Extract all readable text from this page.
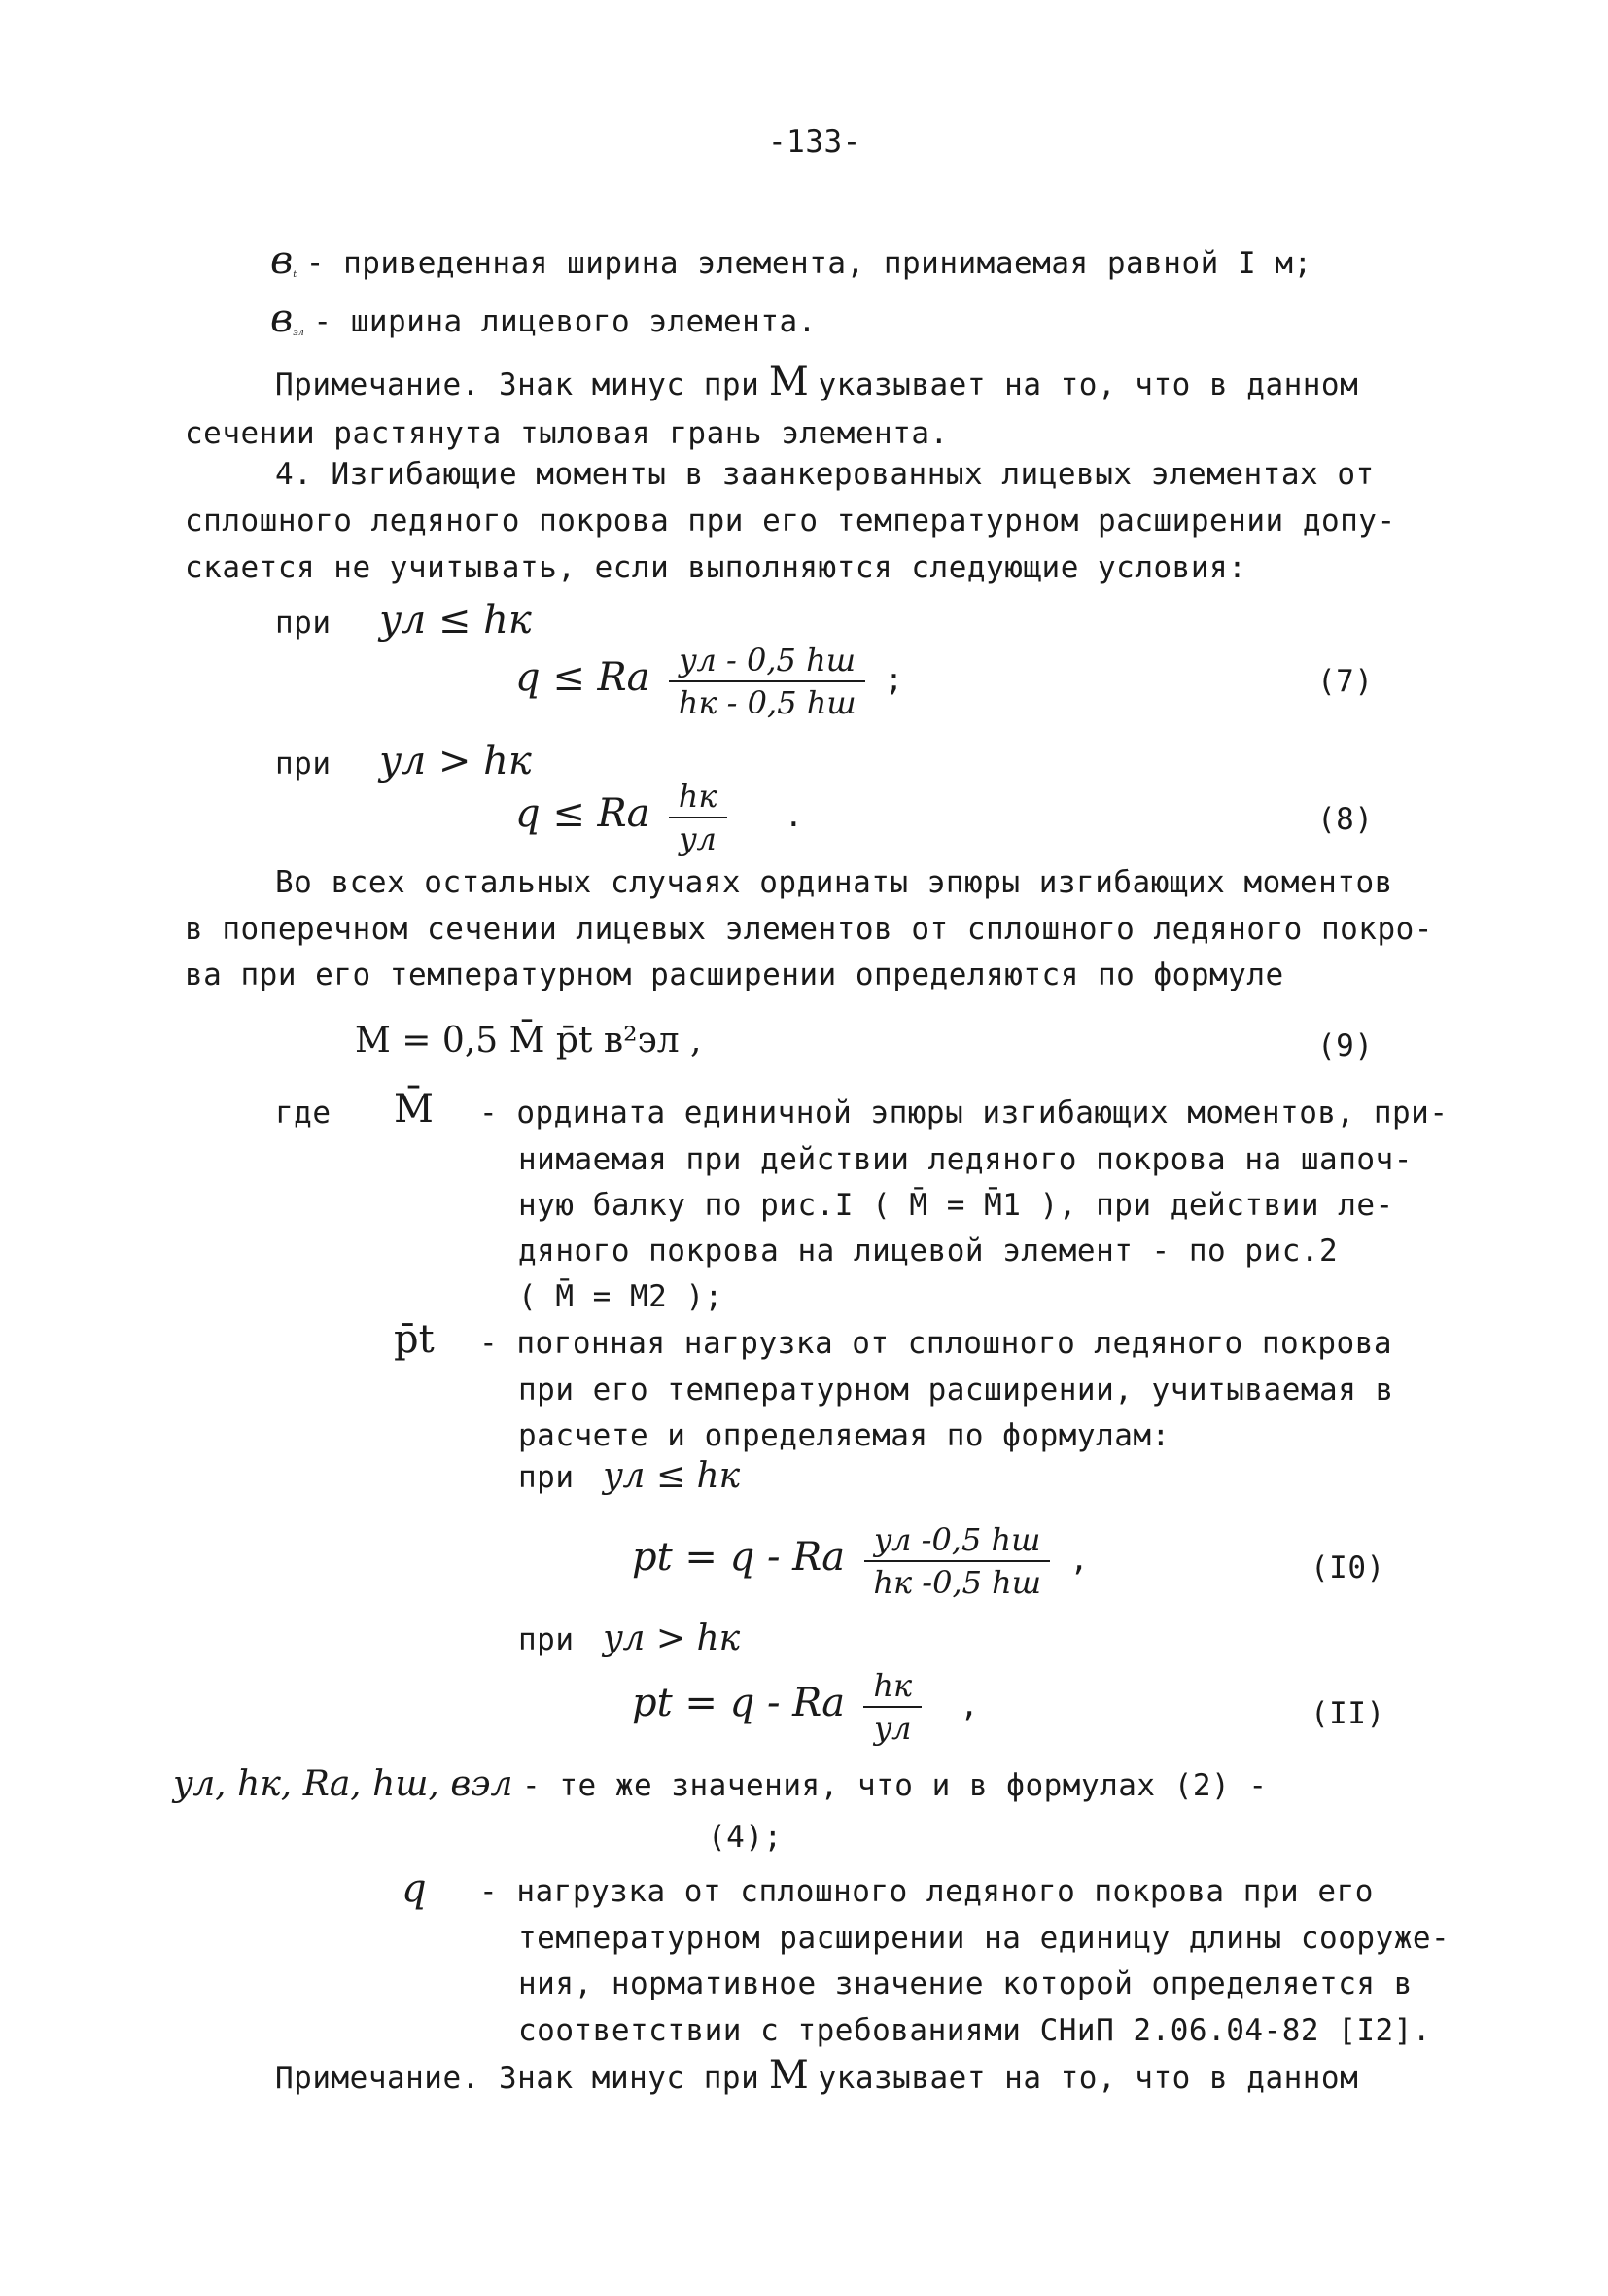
-133-
$в_t$ - приведенная ширина элемента, принимаемая равной I м;
$в_{эл}$ - ширина лицевого элемента.
Примечание. Знак минус при M указывает на то, что в данном
сечении растянута тыловая грань элемента.
4. Изгибающие моменты в заанкерованных лицевых элементах от
сплошного ледяного покрова при его температурном расширении допу-
скается не учитывать, если выполняются следующие условия:
при yл ≤ hк
q ≤ Rа $\frac{yл - 0,5 hш}{hк - 0,5 hш}$ ;	(7)
при yл > hк
q ≤ Rа $\frac{hк}{yл}$ .	(8)
Во всех остальных случаях ординаты эпюры изгибающих моментов
в поперечном сечении лицевых элементов от сплошного ледяного покро-
ва при его температурном расширении определяются по формуле
M = 0,5 M̄ p̄t в²эл ,	(9)
где M̄ - ордината единичной эпюры изгибающих моментов, при-
нимаемая при действии ледяного покрова на шапоч-
ную балку по рис.I ( M̄ = M̄1 ), при действии ле-
дяного покрова на лицевой элемент - по рис.2
( M̄ = M2 );
p̄t - погонная нагрузка от сплошного ледяного покрова
при его температурном расширении, учитываемая в
расчете и определяемая по формулам:
при yл ≤ hк
pt = q - Rа $\frac{yл -0,5 hш}{hк -0,5 hш}$ ,	(I0)
при yл > hк
pt = q - Rа $\frac{hк}{yл}$ ,	(II)
yл, hк, Rа, hш, вэл - те же значения, что и в формулах (2) -
(4);
q - нагрузка от сплошного ледяного покрова при его
температурном расширении на единицу длины сооруже-
ния, нормативное значение которой определяется в
соответствии с требованиями СНиП 2.06.04-82 [I2].
Примечание. Знак минус при M указывает на то, что в данном
